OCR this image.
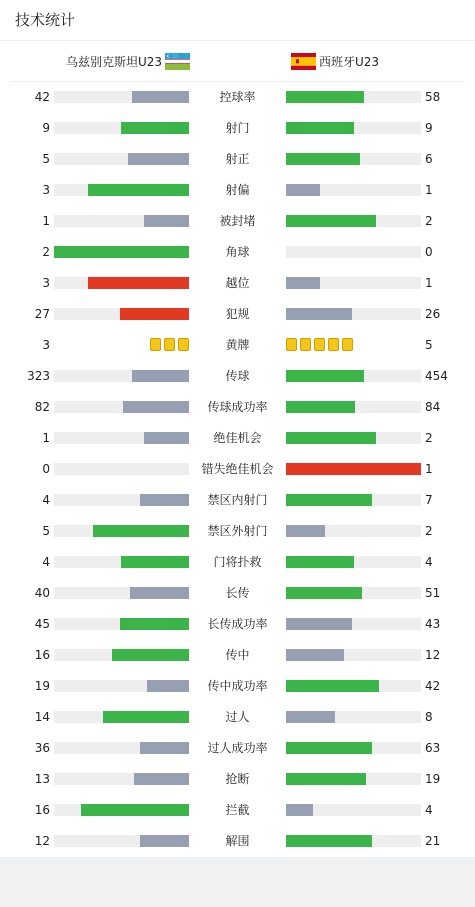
技术统计
乌兹别克斯坦U23	西班牙U23
42	控球率	58
9	射门	9
5	射正	6
3	射偏	1
1	被封堵	2
2	角球	0
3	越位	1
27	犯规	26
3	黄牌	5
323	传球	454
82	传球成功率	84
1	绝佳机会	2
0	错失绝佳机会	1
4	禁区内射门	7
5	禁区外射门	2
4	门将扑救	4
40	长传	51
45	长传成功率	43
16	传中	12
19	传中成功率	42
14	过人	8
36	过人成功率	63
13	抢断	19
16	拦截	4
12	解围	21
